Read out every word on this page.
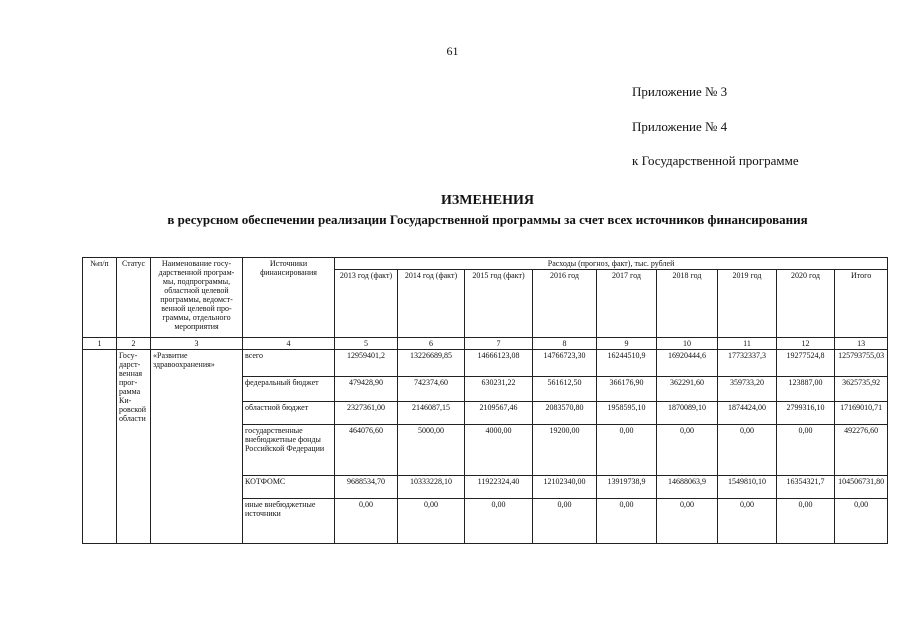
61
Приложение № 3
Приложение № 4
к Государственной программе
ИЗМЕНЕНИЯ
в ресурсном обеспечении реализации Государственной программы за счет всех источников финансирования
№п/п	Статус	Наименование госу-дарственной програм-мы, подпрограммы, областной целевой программы, ведомст-венной целевой про-граммы, отдельного мероприятия	Источники финансирования	Расходы (прогноз, факт), тыс. рублей								
				2013 год (факт)	2014 год (факт)	2015 год (факт)	2016 год	2017 год	2018 год	2019 год	2020 год	Итого
1	2	3	4	5	6	7	8	9	10	11	12	13
	Госу-дарст-венная прог-рамма Ки-ровской области	«Развитие здравоохранения»	всего	12959401,2	13226689,85	14666123,08	14766723,30	16244510,9	16920444,6	17732337,3	19277524,8	125793755,03
			федеральный бюджет	479428,90	742374,60	630231,22	561612,50	366176,90	362291,60	359733,20	123887,00	3625735,92
			областной бюджет	2327361,00	2146087,15	2109567,46	2083570,80	1958595,10	1870089,10	1874424,00	2799316,10	17169010,71
			государственные внебюджетные фонды Российской Федерации	464076,60	5000,00	4000,00	19200,00	0,00	0,00	0,00	0,00	492276,60
			КОТФОМС	9688534,70	10333228,10	11922324,40	12102340,00	13919738,9	14688063,9	1549810,10	16354321,7	104506731,80
			иные внебюджетные источники	0,00	0,00	0,00	0,00	0,00	0,00	0,00	0,00	0,00
